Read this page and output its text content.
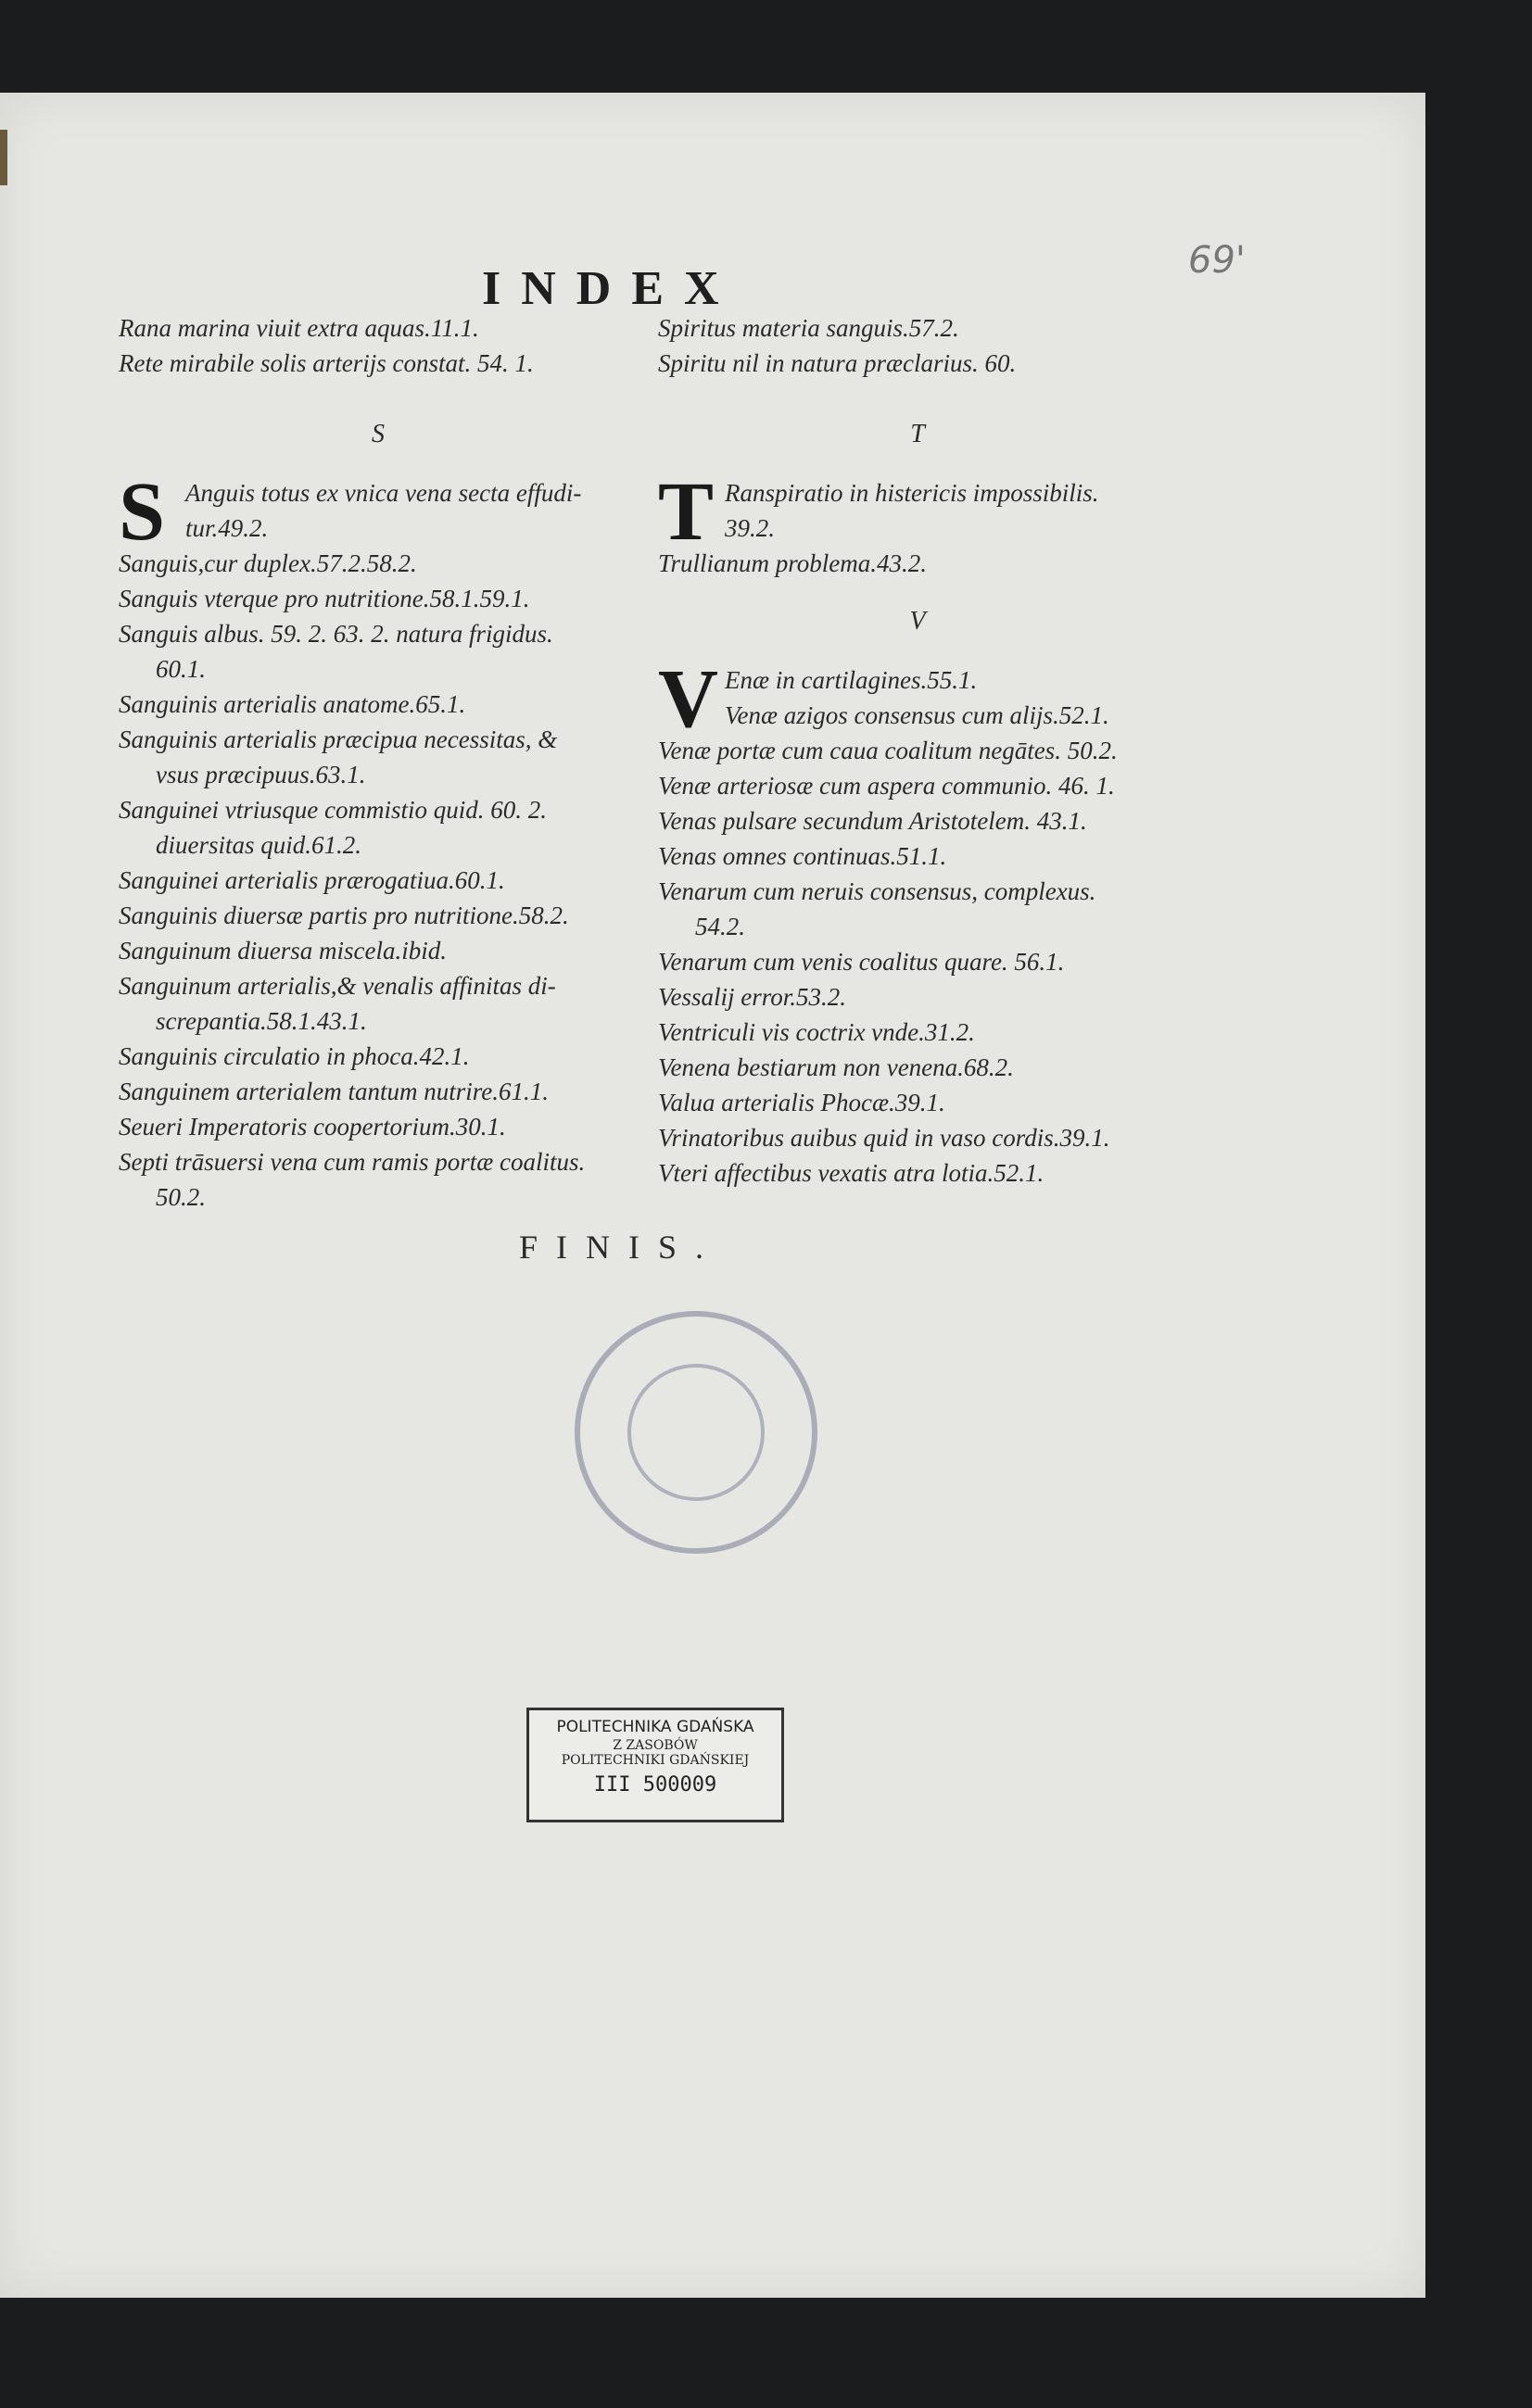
69'
INDEX
Rana marina viuit extra aquas.11.1.
Rete mirabile solis arterijs constat. 54. 1.
S
S Anguis totus ex vnica vena secta effudi-
tur.49.2.
Sanguis,cur duplex.57.2.58.2.
Sanguis vterque pro nutritione.58.1.59.1.
Sanguis albus. 59. 2. 63. 2. natura frigidus.
60.1.
Sanguinis arterialis anatome.65.1.
Sanguinis arterialis præcipua necessitas, &
vsus præcipuus.63.1.
Sanguinei vtriusque commistio quid. 60. 2.
diuersitas quid.61.2.
Sanguinei arterialis prærogatiua.60.1.
Sanguinis diuersæ partis pro nutritione.58.2.
Sanguinum diuersa miscela.ibid.
Sanguinum arterialis,& venalis affinitas di-
screpantia.58.1.43.1.
Sanguinis circulatio in phoca.42.1.
Sanguinem arterialem tantum nutrire.61.1.
Seueri Imperatoris coopertorium.30.1.
Septi trāsuersi vena cum ramis portæ coalitus.
50.2.
Spiritus materia sanguis.57.2.
Spiritu nil in natura præclarius. 60.
T
T Ranspiratio in histericis impossibilis.
39.2.
Trullianum problema.43.2.
V
V Enæ in cartilagines.55.1.
Venæ azigos consensus cum alijs.52.1.
Venæ portæ cum caua coalitum negātes. 50.2.
Venæ arteriosæ cum aspera communio. 46. 1.
Venas pulsare secundum Aristotelem. 43.1.
Venas omnes continuas.51.1.
Venarum cum neruis consensus, complexus.
54.2.
Venarum cum venis coalitus quare. 56.1.
Vessalij error.53.2.
Ventriculi vis coctrix vnde.31.2.
Venena bestiarum non venena.68.2.
Valua arterialis Phocæ.39.1.
Vrinatoribus auibus quid in vaso cordis.39.1.
Vteri affectibus vexatis atra lotia.52.1.
FINIS.
POLITECHNIKA GDAŃSKA
Z ZASOBÓW
POLITECHNIKI GDAŃSKIEJ
III 500009
